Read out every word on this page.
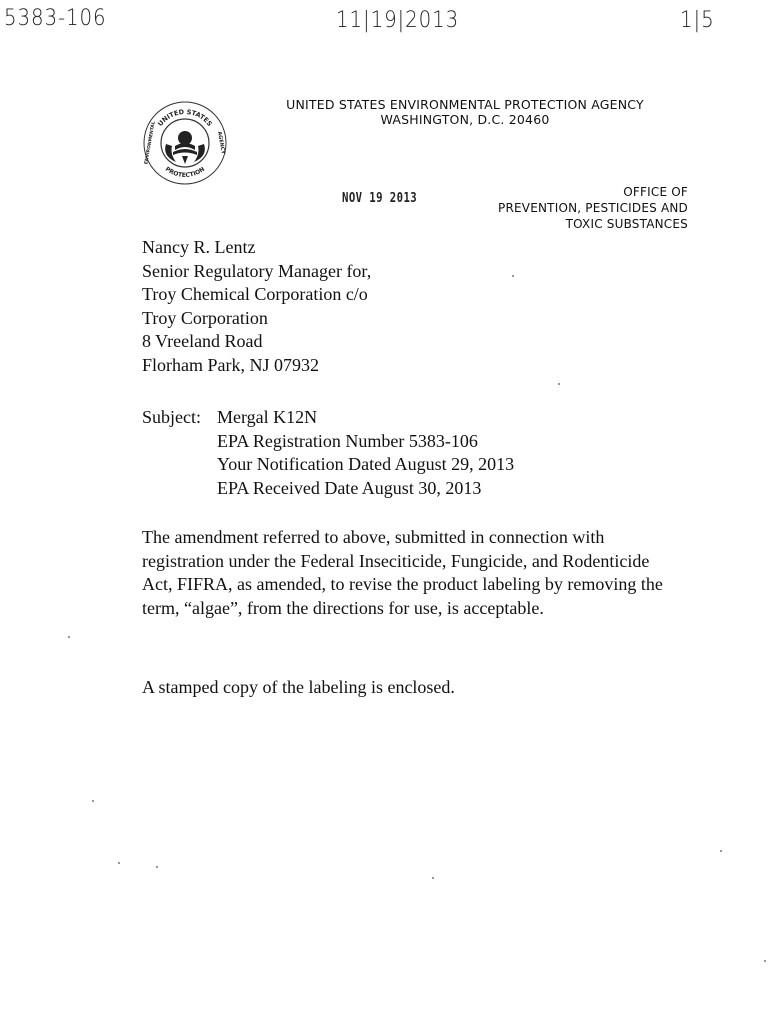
5383-106	11|19|2013	1|5
UNITED STATES
PROTECTION
ENVIRONMENTAL	AGENCY
UNITED STATES ENVIRONMENTAL PROTECTION AGENCY
WASHINGTON, D.C. 20460
NOV 19 2013	OFFICE OF
PREVENTION, PESTICIDES AND
TOXIC SUBSTANCES
Nancy R. Lentz
Senior Regulatory Manager for,
Troy Chemical Corporation c/o
Troy Corporation
8 Vreeland Road
Florham Park, NJ 07932
Subject: Mergal K12N
EPA Registration Number 5383-106
Your Notification Dated August 29, 2013
EPA Received Date August 30, 2013
The amendment referred to above, submitted in connection with registration under the Federal Inseciticide, Fungicide, and Rodenticide Act, FIFRA, as amended, to revise the product labeling by removing the term, “algae”, from the directions for use, is acceptable.
A stamped copy of the labeling is enclosed.
